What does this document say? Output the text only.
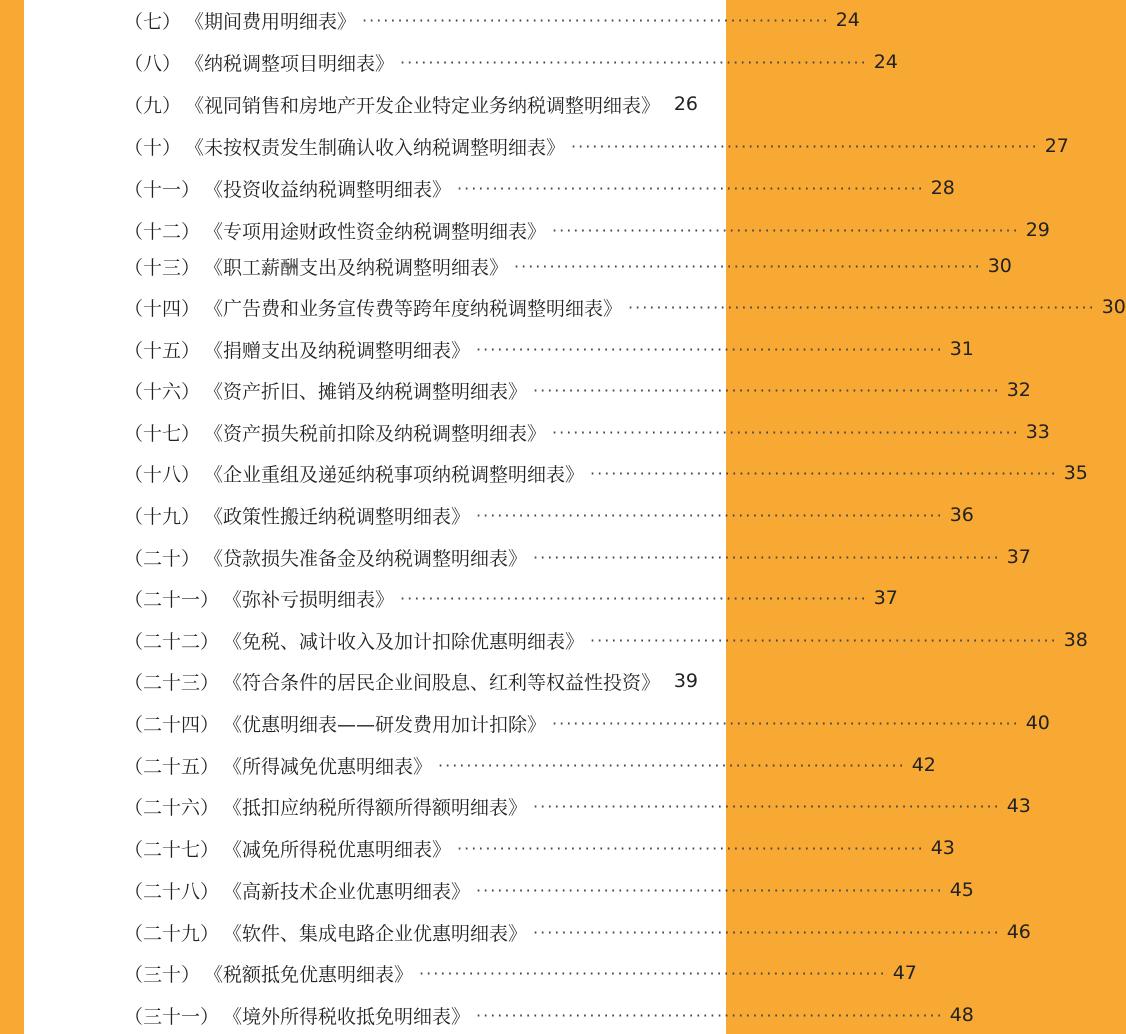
（七） 《期间费用明细表》 ·································································· 24
（八） 《纳税调整项目明细表》 ·································································· 24
（九） 《视同销售和房地产开发企业特定业务纳税调整明细表》 26
（十） 《未按权责发生制确认收入纳税调整明细表》 ·································································· 27
（十一） 《投资收益纳税调整明细表》 ·································································· 28
（十二） 《专项用途财政性资金纳税调整明细表》 ·································································· 29
（十三） 《职工薪酬支出及纳税调整明细表》 ·································································· 30
（十四） 《广告费和业务宣传费等跨年度纳税调整明细表》 ·································································· 30
（十五） 《捐赠支出及纳税调整明细表》 ·································································· 31
（十六） 《资产折旧、摊销及纳税调整明细表》 ·································································· 32
（十七） 《资产损失税前扣除及纳税调整明细表》 ·································································· 33
（十八） 《企业重组及递延纳税事项纳税调整明细表》 ·································································· 35
（十九） 《政策性搬迁纳税调整明细表》 ·································································· 36
（二十） 《贷款损失准备金及纳税调整明细表》 ·································································· 37
（二十一） 《弥补亏损明细表》 ·································································· 37
（二十二） 《免税、减计收入及加计扣除优惠明细表》 ·································································· 38
（二十三） 《符合条件的居民企业间股息、红利等权益性投资》 39
（二十四） 《优惠明细表——研发费用加计扣除》 ·································································· 40
（二十五） 《所得减免优惠明细表》 ·································································· 42
（二十六） 《抵扣应纳税所得额所得额明细表》 ·································································· 43
（二十七） 《减免所得税优惠明细表》 ·································································· 43
（二十八） 《高新技术企业优惠明细表》 ·································································· 45
（二十九） 《软件、集成电路企业优惠明细表》 ·································································· 46
（三十） 《税额抵免优惠明细表》 ·································································· 47
（三十一） 《境外所得税收抵免明细表》 ·································································· 48
